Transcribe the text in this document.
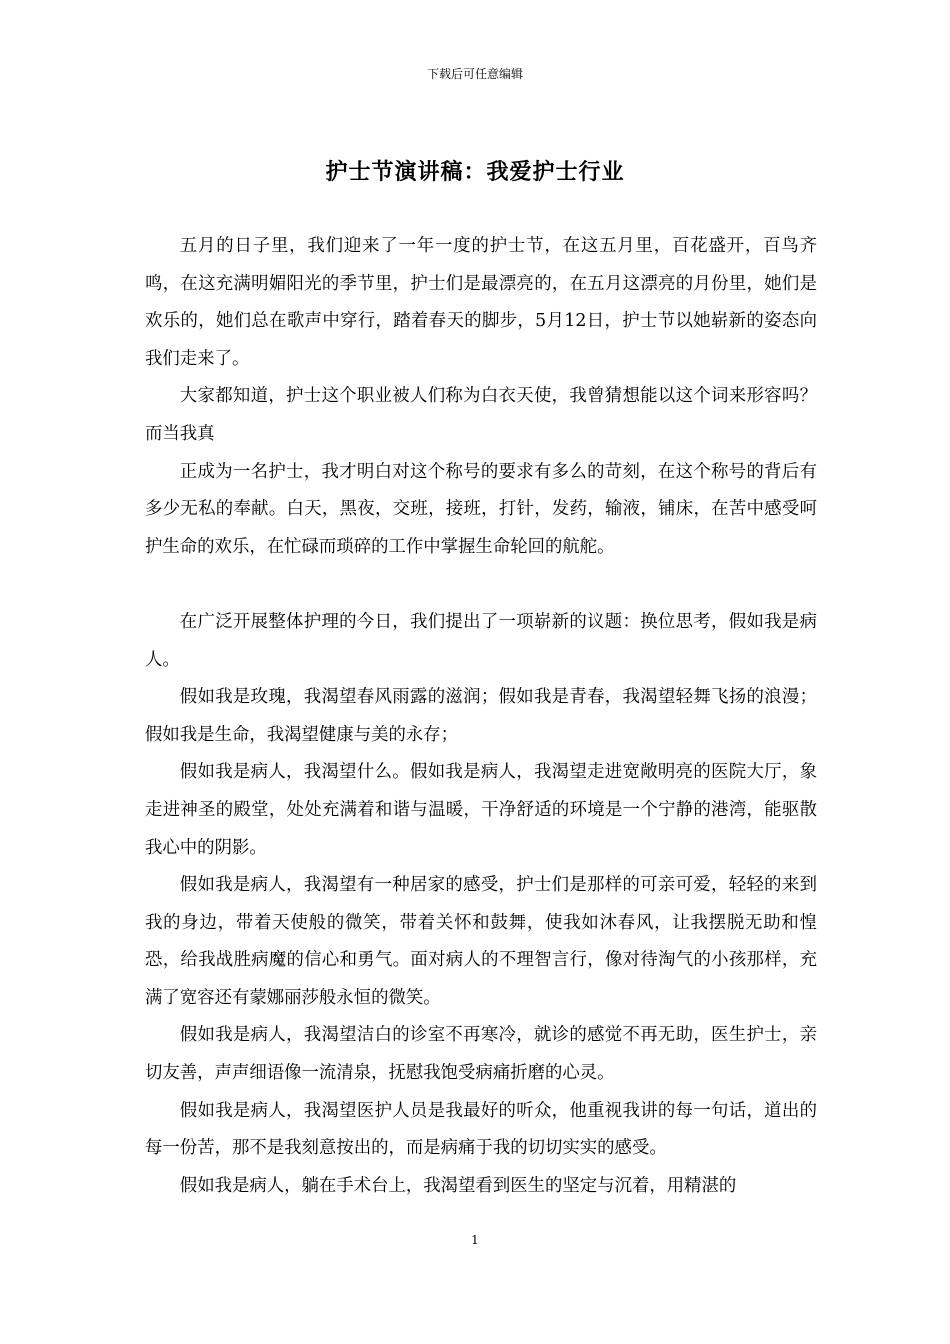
下载后可任意编辑
护士节演讲稿：我爱护士行业

五月的日子里，我们迎来了一年一度的护士节，在这五月里，百花盛开，百鸟齐鸣，在这充满明媚阳光的季节里，护士们是最漂亮的，在五月这漂亮的月份里，她们是欢乐的，她们总在歌声中穿行，踏着春天的脚步，5月12日，护士节以她崭新的姿态向我们走来了。

大家都知道，护士这个职业被人们称为白衣天使，我曾猜想能以这个词来形容吗？而当我真

正成为一名护士，我才明白对这个称号的要求有多么的苛刻，在这个称号的背后有多少无私的奉献。白天，黑夜，交班，接班，打针，发药，输液，铺床，在苦中感受呵护生命的欢乐，在忙碌而琐碎的工作中掌握生命轮回的航舵。

在广泛开展整体护理的今日，我们提出了一项崭新的议题：换位思考，假如我是病人。

假如我是玫瑰，我渴望春风雨露的滋润；假如我是青春，我渴望轻舞飞扬的浪漫；假如我是生命，我渴望健康与美的永存；

假如我是病人，我渴望什么。假如我是病人，我渴望走进宽敞明亮的医院大厅，象走进神圣的殿堂，处处充满着和谐与温暖，干净舒适的环境是一个宁静的港湾，能驱散我心中的阴影。

假如我是病人，我渴望有一种居家的感受，护士们是那样的可亲可爱，轻轻的来到我的身边，带着天使般的微笑，带着关怀和鼓舞，使我如沐春风，让我摆脱无助和惶恐，给我战胜病魔的信心和勇气。面对病人的不理智言行，像对待淘气的小孩那样，充满了宽容还有蒙娜丽莎般永恒的微笑。

假如我是病人，我渴望洁白的诊室不再寒冷，就诊的感觉不再无助，医生护士，亲切友善，声声细语像一流清泉，抚慰我饱受病痛折磨的心灵。

假如我是病人，我渴望医护人员是我最好的听众，他重视我讲的每一句话，道出的每一份苦，那不是我刻意按出的，而是病痛于我的切切实实的感受。

假如我是病人，躺在手术台上，我渴望看到医生的坚定与沉着，用精湛的

1
